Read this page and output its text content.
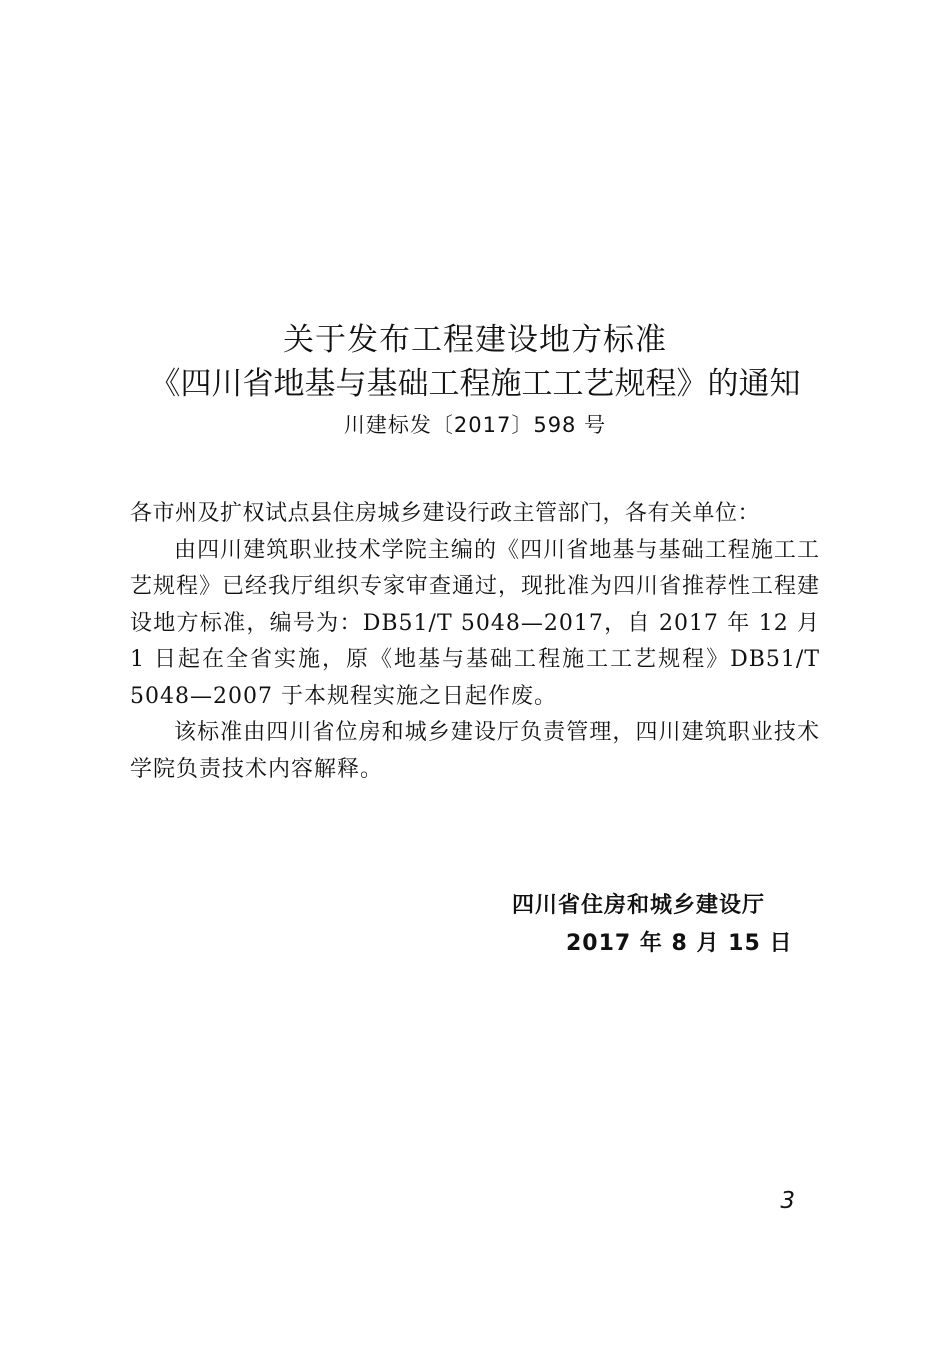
关于发布工程建设地方标准
《四川省地基与基础工程施工工艺规程》的通知
川建标发〔2017〕598 号

各市州及扩权试点县住房城乡建设行政主管部门，各有关单位：

由四川建筑职业技术学院主编的《四川省地基与基础工程施工工艺规程》已经我厅组织专家审查通过，现批准为四川省推荐性工程建设地方标准，编号为：DB51/T 5048—2017，自 2017 年 12 月 1 日起在全省实施，原《地基与基础工程施工工艺规程》DB51/T 5048—2007 于本规程实施之日起作废。

该标准由四川省位房和城乡建设厅负责管理，四川建筑职业技术学院负责技术内容解释。

四川省住房和城乡建设厅
2017 年 8 月 15 日
3
